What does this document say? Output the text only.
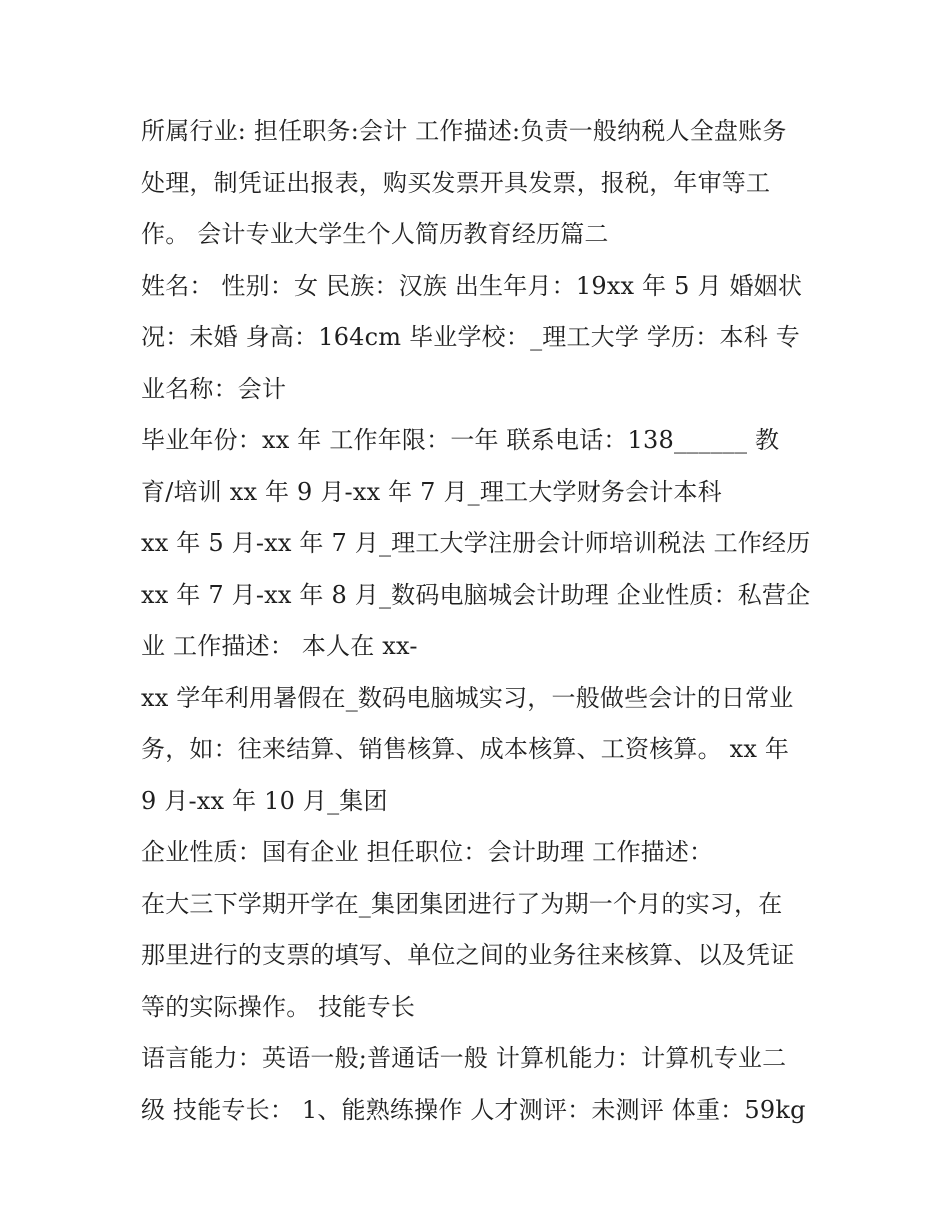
所属行业: 担任职务:会计 工作描述:负责一般纳税人全盘账务
处理，制凭证出报表，购买发票开具发票，报税，年审等工
作。 会计专业大学生个人简历教育经历篇二
姓名： 性别：女 民族：汉族 出生年月：19xx 年 5 月 婚姻状
况：未婚 身高：164cm 毕业学校：_理工大学 学历：本科 专
业名称：会计
毕业年份：xx 年 工作年限：一年 联系电话：138______ 教
育/培训 xx 年 9 月-xx 年 7 月_理工大学财务会计本科
xx 年 5 月-xx 年 7 月_理工大学注册会计师培训税法 工作经历
xx 年 7 月-xx 年 8 月_数码电脑城会计助理 企业性质：私营企
业 工作描述： 本人在 xx-
xx 学年利用暑假在_数码电脑城实习，一般做些会计的日常业
务，如：往来结算、销售核算、成本核算、工资核算。 xx 年
9 月-xx 年 10 月_集团
企业性质：国有企业 担任职位：会计助理 工作描述：
在大三下学期开学在_集团集团进行了为期一个月的实习，在
那里进行的支票的填写、单位之间的业务往来核算、以及凭证
等的实际操作。 技能专长
语言能力：英语一般;普通话一般 计算机能力：计算机专业二
级 技能专长： 1、能熟练操作 人才测评：未测评 体重：59kg
